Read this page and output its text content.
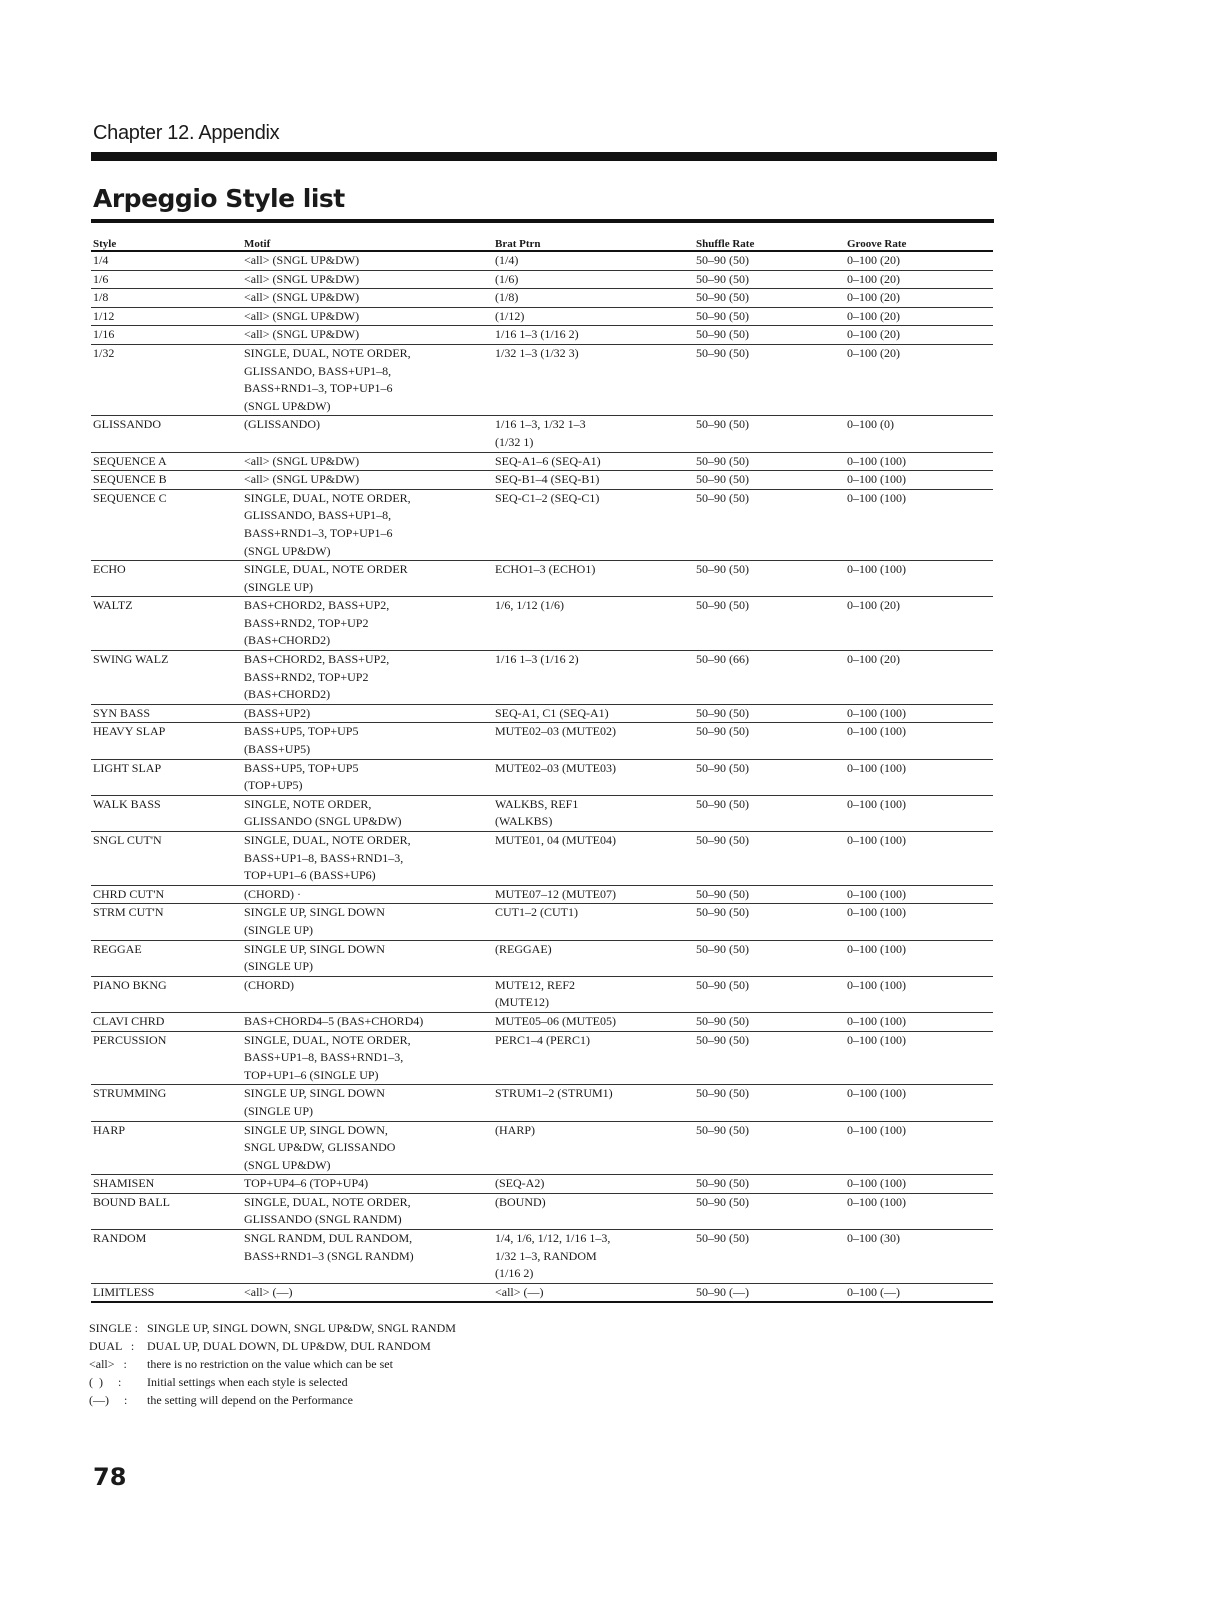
Chapter 12. Appendix
Arpeggio Style list
Style	Motif	Brat Ptrn	Shuffle Rate	Groove Rate
1/4	<all> (SNGL UP&DW)	(1/4)	50–90 (50)	0–100 (20)
1/6	<all> (SNGL UP&DW)	(1/6)	50–90 (50)	0–100 (20)
1/8	<all> (SNGL UP&DW)	(1/8)	50–90 (50)	0–100 (20)
1/12	<all> (SNGL UP&DW)	(1/12)	50–90 (50)	0–100 (20)
1/16	<all> (SNGL UP&DW)	1/16 1–3 (1/16 2)	50–90 (50)	0–100 (20)
1/32	SINGLE, DUAL, NOTE ORDER,
GLISSANDO, BASS+UP1–8,
BASS+RND1–3, TOP+UP1–6
(SNGL UP&DW)	1/32 1–3 (1/32 3)	50–90 (50)	0–100 (20)
GLISSANDO	(GLISSANDO)	1/16 1–3, 1/32 1–3
(1/32 1)	50–90 (50)	0–100 (0)
SEQUENCE A	<all> (SNGL UP&DW)	SEQ-A1–6 (SEQ-A1)	50–90 (50)	0–100 (100)
SEQUENCE B	<all> (SNGL UP&DW)	SEQ-B1–4 (SEQ-B1)	50–90 (50)	0–100 (100)
SEQUENCE C	SINGLE, DUAL, NOTE ORDER,
GLISSANDO, BASS+UP1–8,
BASS+RND1–3, TOP+UP1–6
(SNGL UP&DW)	SEQ-C1–2 (SEQ-C1)	50–90 (50)	0–100 (100)
ECHO	SINGLE, DUAL, NOTE ORDER
(SINGLE UP)	ECHO1–3 (ECHO1)	50–90 (50)	0–100 (100)
WALTZ	BAS+CHORD2, BASS+UP2,
BASS+RND2, TOP+UP2
(BAS+CHORD2)	1/6, 1/12 (1/6)	50–90 (50)	0–100 (20)
SWING WALZ	BAS+CHORD2, BASS+UP2,
BASS+RND2, TOP+UP2
(BAS+CHORD2)	1/16 1–3 (1/16 2)	50–90 (66)	0–100 (20)
SYN BASS	(BASS+UP2)	SEQ-A1, C1 (SEQ-A1)	50–90 (50)	0–100 (100)
HEAVY SLAP	BASS+UP5, TOP+UP5
(BASS+UP5)	MUTE02–03 (MUTE02)	50–90 (50)	0–100 (100)
LIGHT SLAP	BASS+UP5, TOP+UP5
(TOP+UP5)	MUTE02–03 (MUTE03)	50–90 (50)	0–100 (100)
WALK BASS	SINGLE, NOTE ORDER,
GLISSANDO (SNGL UP&DW)	WALKBS, REF1
(WALKBS)	50–90 (50)	0–100 (100)
SNGL CUT'N	SINGLE, DUAL, NOTE ORDER,
BASS+UP1–8, BASS+RND1–3,
TOP+UP1–6 (BASS+UP6)	MUTE01, 04 (MUTE04)	50–90 (50)	0–100 (100)
CHRD CUT'N	(CHORD) ·	MUTE07–12 (MUTE07)	50–90 (50)	0–100 (100)
STRM CUT'N	SINGLE UP, SINGL DOWN
(SINGLE UP)	CUT1–2 (CUT1)	50–90 (50)	0–100 (100)
REGGAE	SINGLE UP, SINGL DOWN
(SINGLE UP)	(REGGAE)	50–90 (50)	0–100 (100)
PIANO BKNG	(CHORD)	MUTE12, REF2
(MUTE12)	50–90 (50)	0–100 (100)
CLAVI CHRD	BAS+CHORD4–5 (BAS+CHORD4)	MUTE05–06 (MUTE05)	50–90 (50)	0–100 (100)
PERCUSSION	SINGLE, DUAL, NOTE ORDER,
BASS+UP1–8, BASS+RND1–3,
TOP+UP1–6 (SINGLE UP)	PERC1–4 (PERC1)	50–90 (50)	0–100 (100)
STRUMMING	SINGLE UP, SINGL DOWN
(SINGLE UP)	STRUM1–2 (STRUM1)	50–90 (50)	0–100 (100)
HARP	SINGLE UP, SINGL DOWN,
SNGL UP&DW, GLISSANDO
(SNGL UP&DW)	(HARP)	50–90 (50)	0–100 (100)
SHAMISEN	TOP+UP4–6 (TOP+UP4)	(SEQ-A2)	50–90 (50)	0–100 (100)
BOUND BALL	SINGLE, DUAL, NOTE ORDER,
GLISSANDO (SNGL RANDM)	(BOUND)	50–90 (50)	0–100 (100)
RANDOM	SNGL RANDM, DUL RANDOM,
BASS+RND1–3 (SNGL RANDM)	1/4, 1/6, 1/12, 1/16 1–3,
1/32 1–3, RANDOM
(1/16 2)	50–90 (50)	0–100 (30)
LIMITLESS	<all> (—)	<all> (—)	50–90 (—)	0–100 (—)
SINGLE : SINGLE UP, SINGL DOWN, SNGL UP&DW, SNGL RANDM
DUAL   :	DUAL UP, DUAL DOWN, DL UP&DW, DUL RANDOM
<all>   :	there is no restriction on the value which can be set
(  )     :	Initial settings when each style is selected
(—)     :	the setting will depend on the Performance
78
